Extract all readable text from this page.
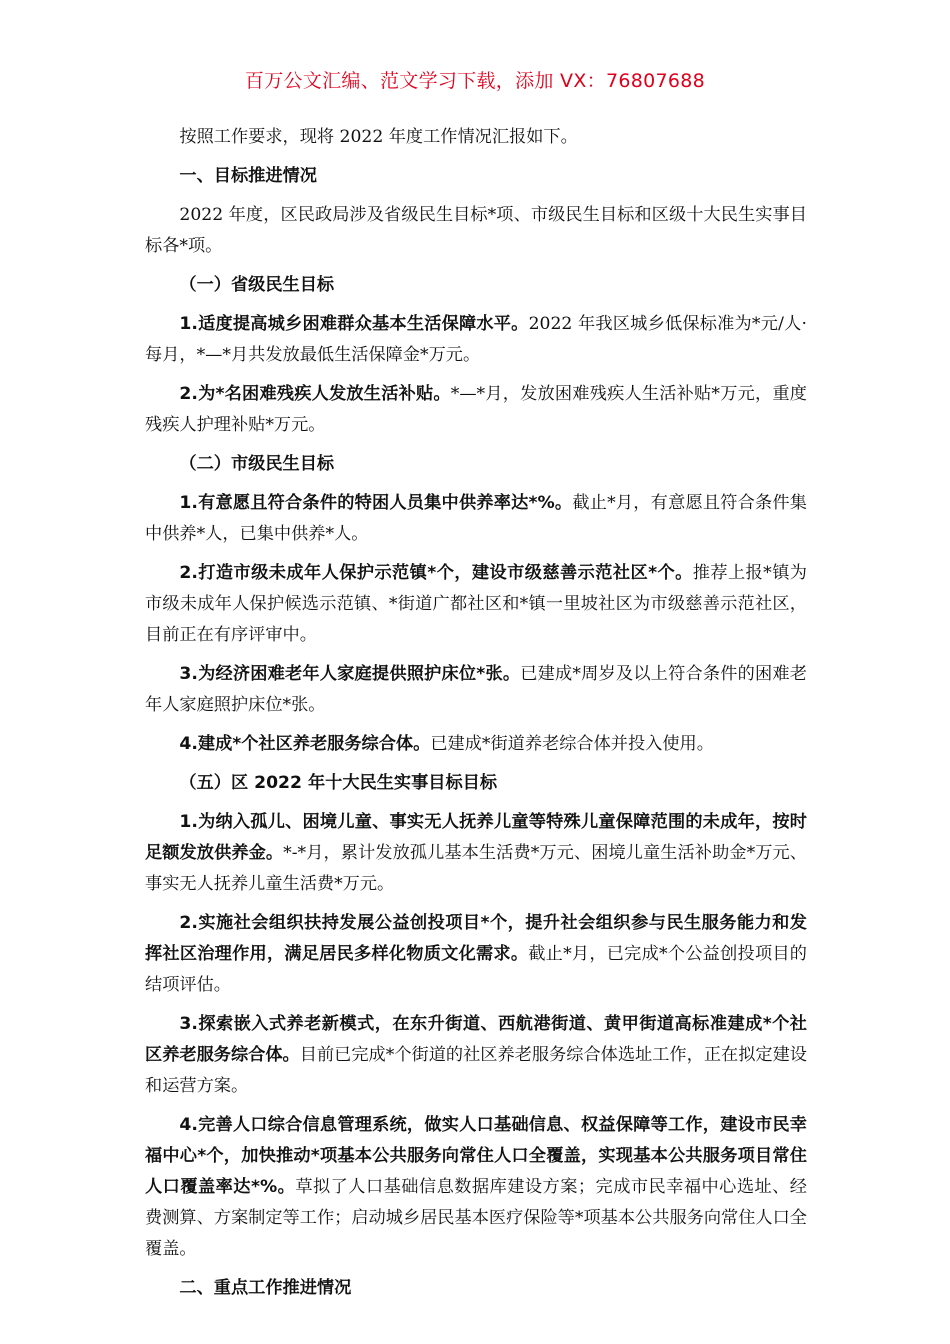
百万公文汇编、范文学习下载，添加 VX：76807688

按照工作要求，现将 2022 年度工作情况汇报如下。

一、目标推进情况

2022 年度，区民政局涉及省级民生目标*项、市级民生目标和区级十大民生实事目标各*项。

（一）省级民生目标

1.适度提高城乡困难群众基本生活保障水平。2022 年我区城乡低保标准为*元/人·每月，*—*月共发放最低生活保障金*万元。

2.为*名困难残疾人发放生活补贴。*—*月，发放困难残疾人生活补贴*万元，重度残疾人护理补贴*万元。

（二）市级民生目标

1.有意愿且符合条件的特困人员集中供养率达*%。截止*月，有意愿且符合条件集中供养*人，已集中供养*人。

2.打造市级未成年人保护示范镇*个，建设市级慈善示范社区*个。推荐上报*镇为市级未成年人保护候选示范镇、*街道广都社区和*镇一里坡社区为市级慈善示范社区，目前正在有序评审中。

3.为经济困难老年人家庭提供照护床位*张。已建成*周岁及以上符合条件的困难老年人家庭照护床位*张。

4.建成*个社区养老服务综合体。已建成*街道养老综合体并投入使用。

（五）区 2022 年十大民生实事目标目标

1.为纳入孤儿、困境儿童、事实无人抚养儿童等特殊儿童保障范围的未成年，按时足额发放供养金。*-*月，累计发放孤儿基本生活费*万元、困境儿童生活补助金*万元、事实无人抚养儿童生活费*万元。

2.实施社会组织扶持发展公益创投项目*个，提升社会组织参与民生服务能力和发挥社区治理作用，满足居民多样化物质文化需求。截止*月，已完成*个公益创投项目的结项评估。

3.探索嵌入式养老新模式，在东升街道、西航港街道、黄甲街道高标准建成*个社区养老服务综合体。目前已完成*个街道的社区养老服务综合体选址工作，正在拟定建设和运营方案。

4.完善人口综合信息管理系统，做实人口基础信息、权益保障等工作，建设市民幸福中心*个，加快推动*项基本公共服务向常住人口全覆盖，实现基本公共服务项目常住人口覆盖率达*%。草拟了人口基础信息数据库建设方案；完成市民幸福中心选址、经费测算、方案制定等工作；启动城乡居民基本医疗保险等*项基本公共服务向常住人口全覆盖。

二、重点工作推进情况
